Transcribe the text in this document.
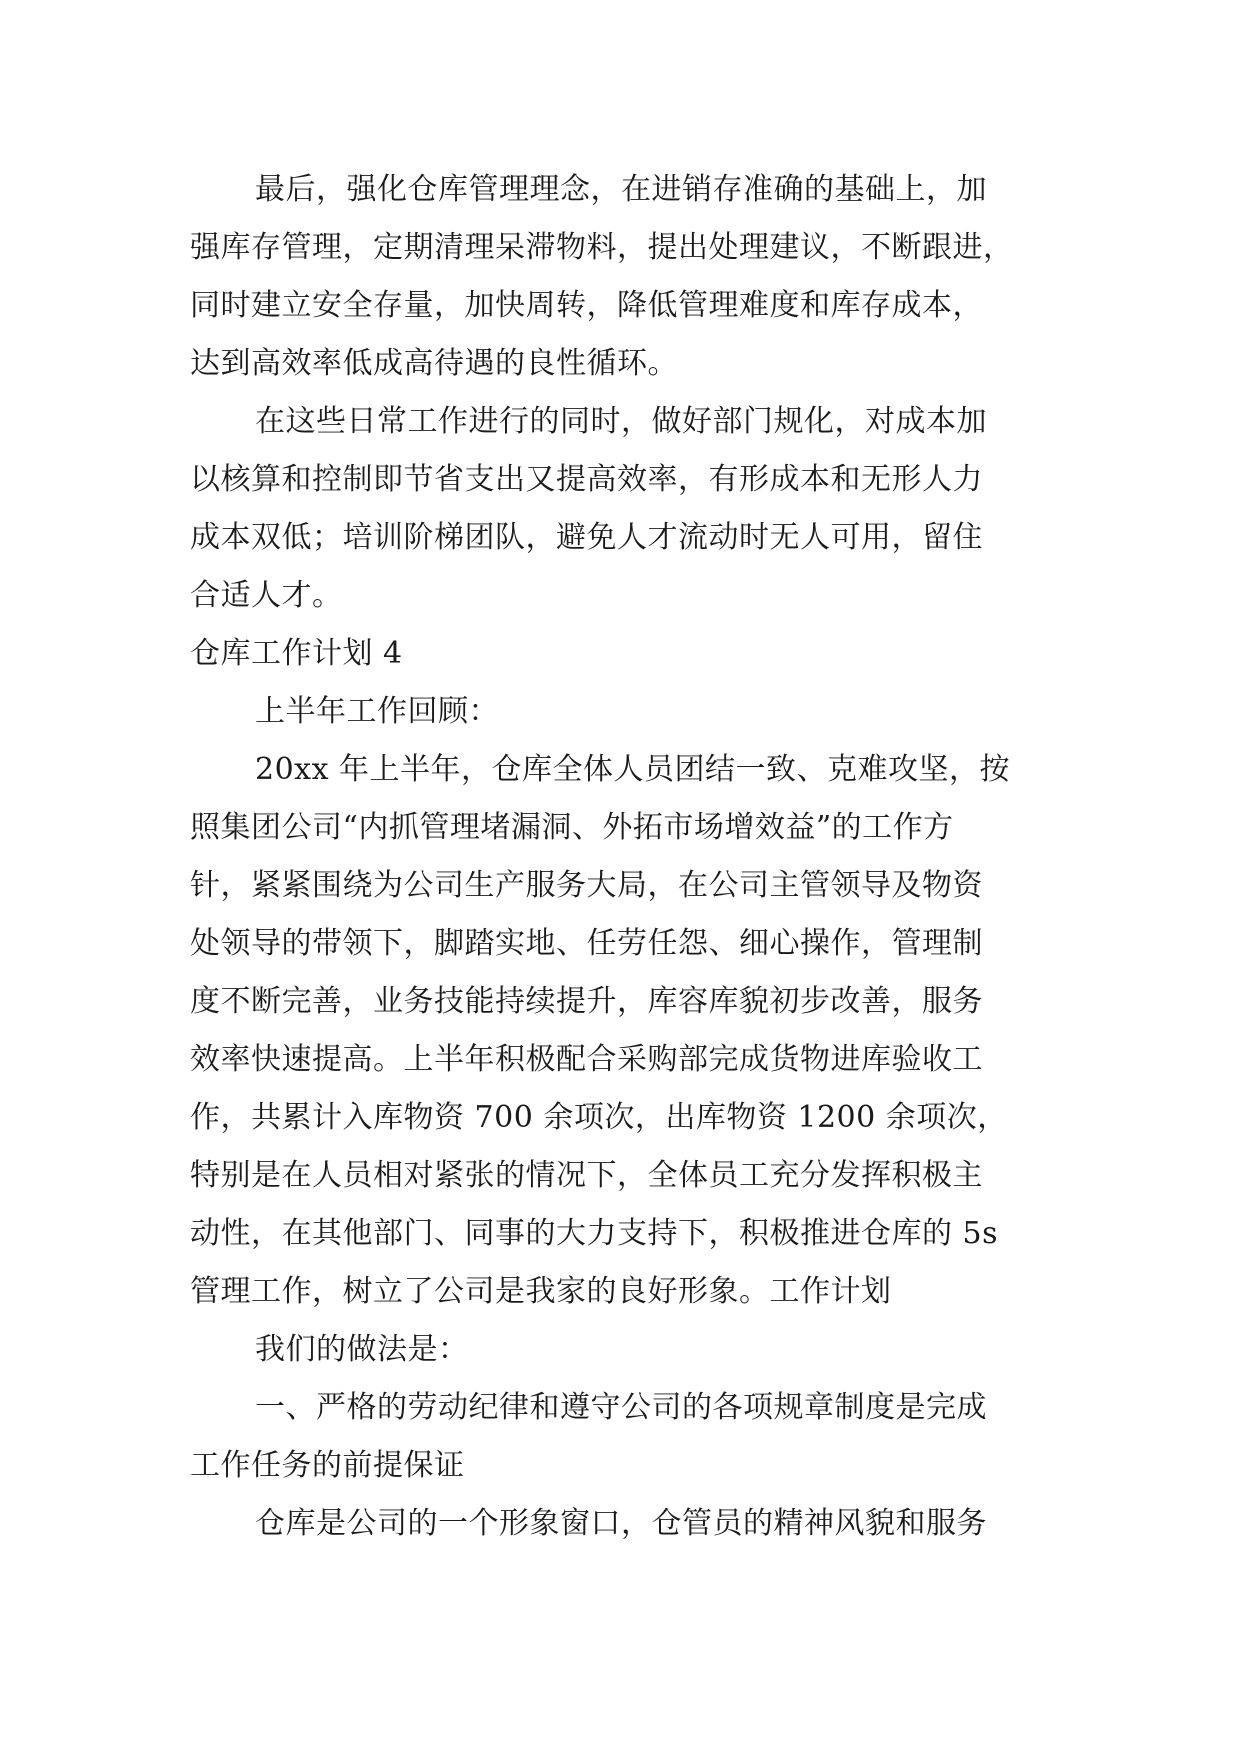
最后，强化仓库管理理念，在进销存准确的基础上，加

强库存管理，定期清理呆滞物料，提出处理建议，不断跟进，

同时建立安全存量，加快周转，降低管理难度和库存成本，

达到高效率低成高待遇的良性循环。

在这些日常工作进行的同时，做好部门规化，对成本加

以核算和控制即节省支出又提高效率，有形成本和无形人力

成本双低；培训阶梯团队，避免人才流动时无人可用，留住

合适人才。

仓库工作计划 4

上半年工作回顾：

20xx 年上半年，仓库全体人员团结一致、克难攻坚，按

照集团公司“内抓管理堵漏洞、外拓市场增效益”的工作方

针，紧紧围绕为公司生产服务大局，在公司主管领导及物资

处领导的带领下，脚踏实地、任劳任怨、细心操作，管理制

度不断完善，业务技能持续提升，库容库貌初步改善，服务

效率快速提高。上半年积极配合采购部完成货物进库验收工

作，共累计入库物资 700 余项次，出库物资 1200 余项次，

特别是在人员相对紧张的情况下，全体员工充分发挥积极主

动性，在其他部门、同事的大力支持下，积极推进仓库的 5s

管理工作，树立了公司是我家的良好形象。工作计划

我们的做法是：

一、严格的劳动纪律和遵守公司的各项规章制度是完成

工作任务的前提保证

仓库是公司的一个形象窗口，仓管员的精神风貌和服务
